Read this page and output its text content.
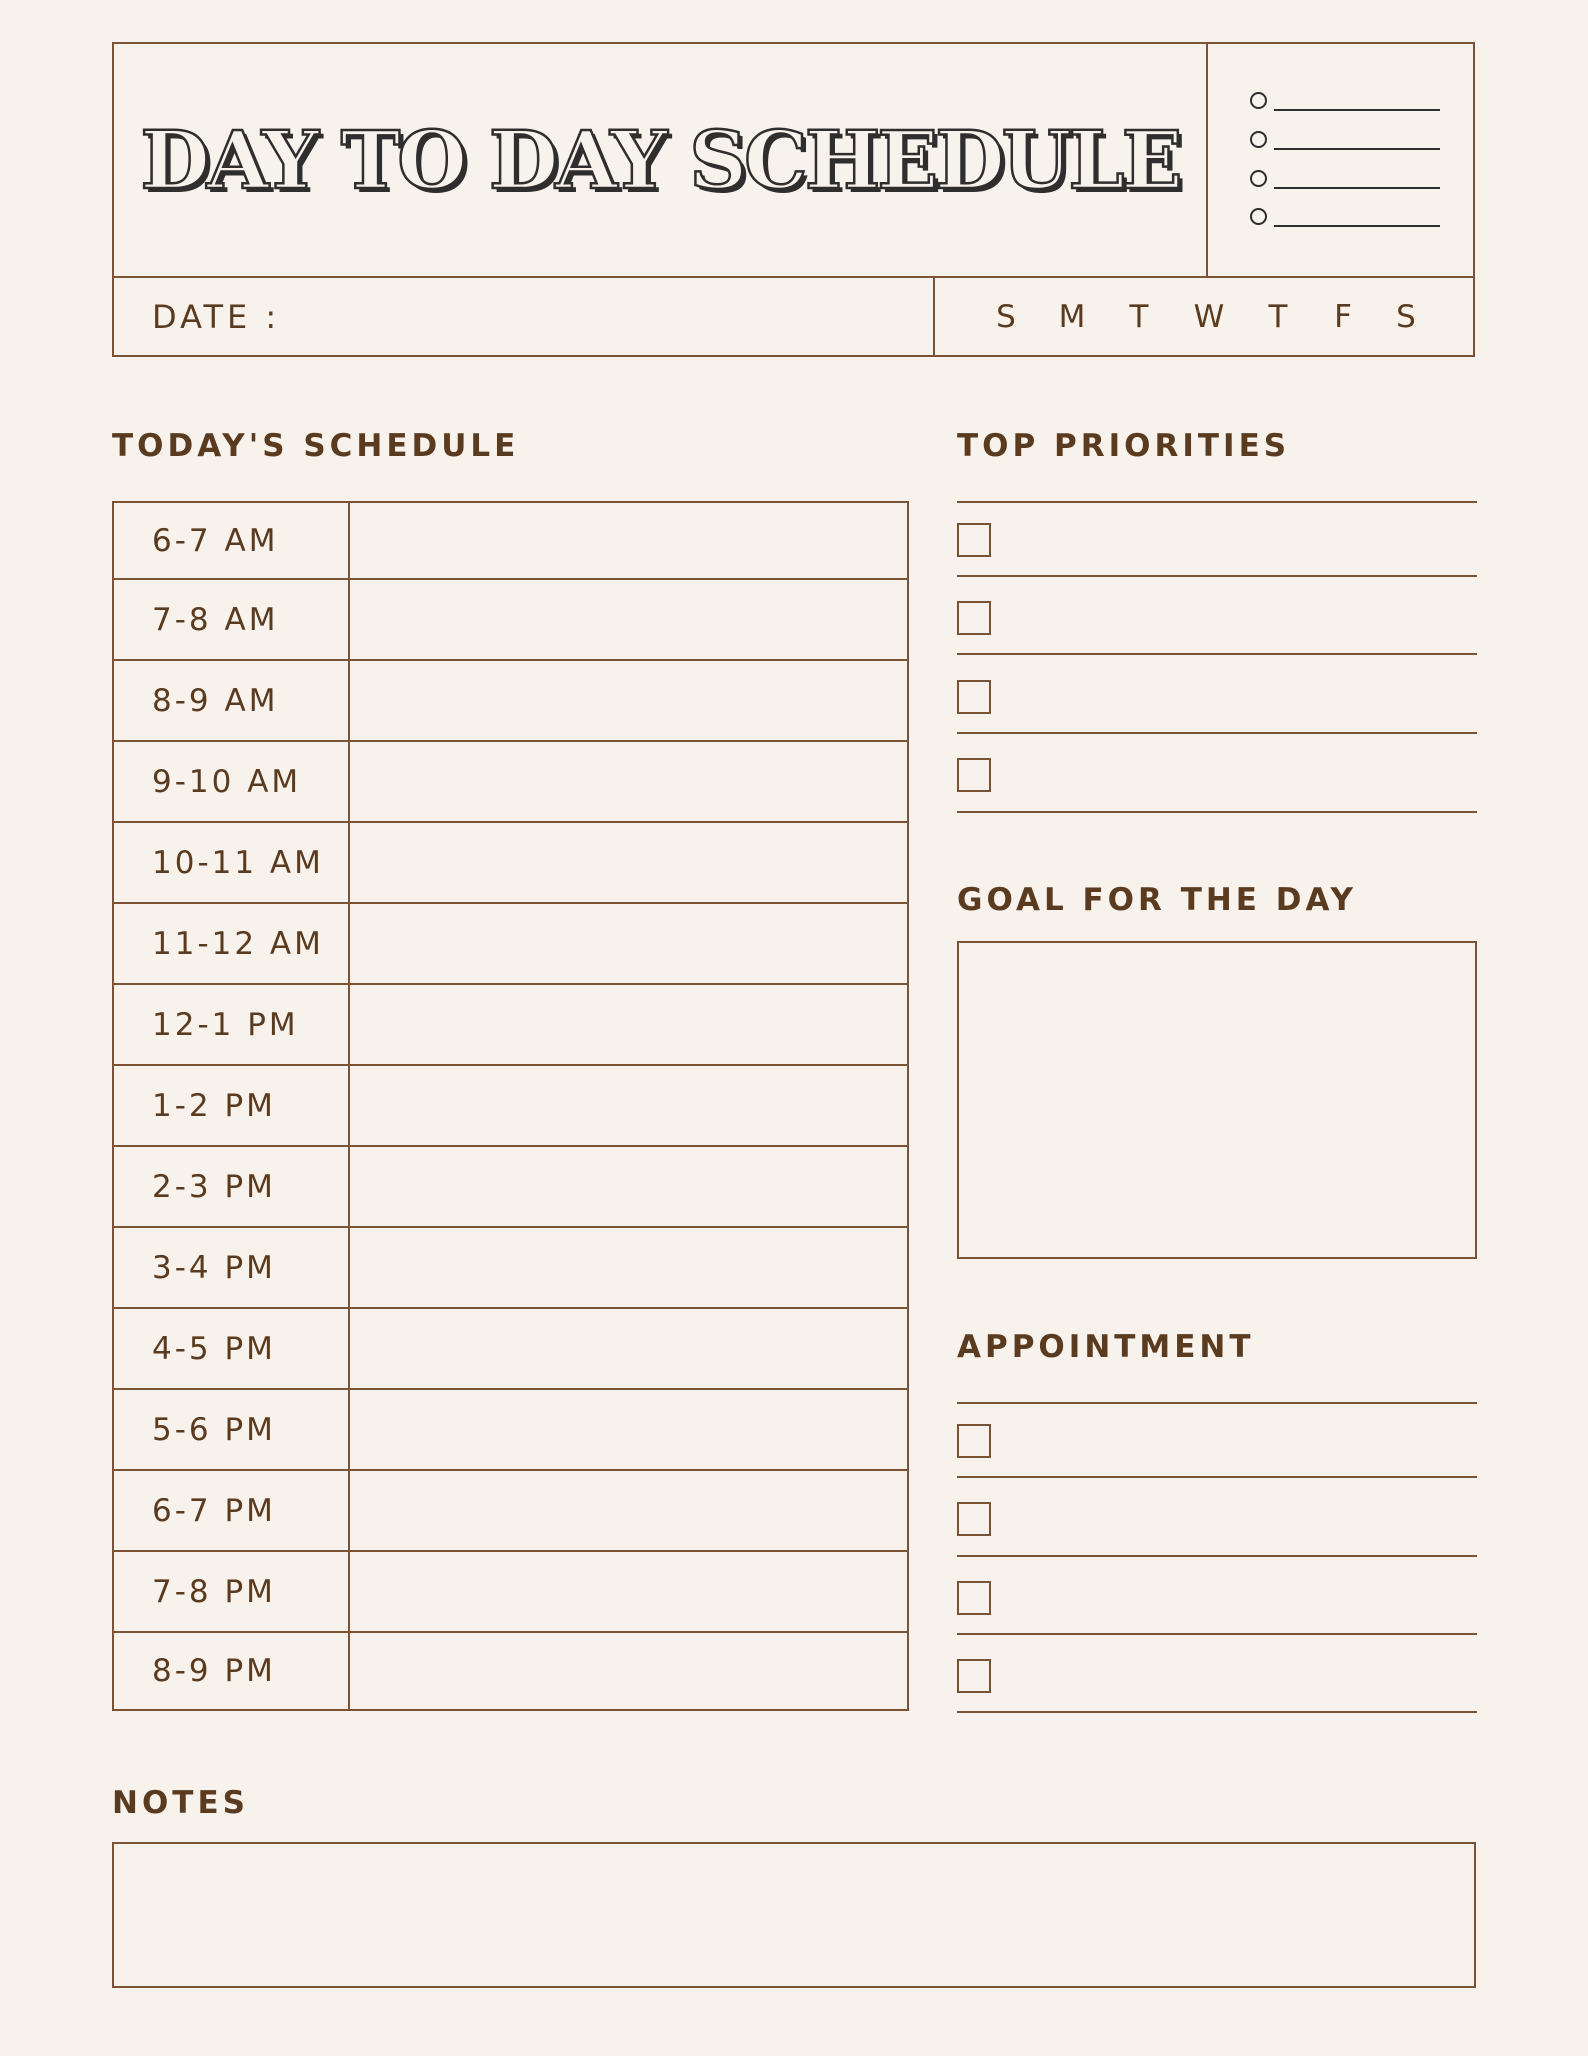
DAY TO DAY SCHEDULE
DATE :	S	M	T	W	T	F	S
TODAY'S SCHEDULE	TOP PRIORITIES
GOAL FOR THE DAY
APPOINTMENT
NOTES
6-7 AM
7-8 AM
8-9 AM
9-10 AM
10-11 AM
11-12 AM
12-1 PM
1-2 PM
2-3 PM
3-4 PM
4-5 PM
5-6 PM
6-7 PM
7-8 PM
8-9 PM
